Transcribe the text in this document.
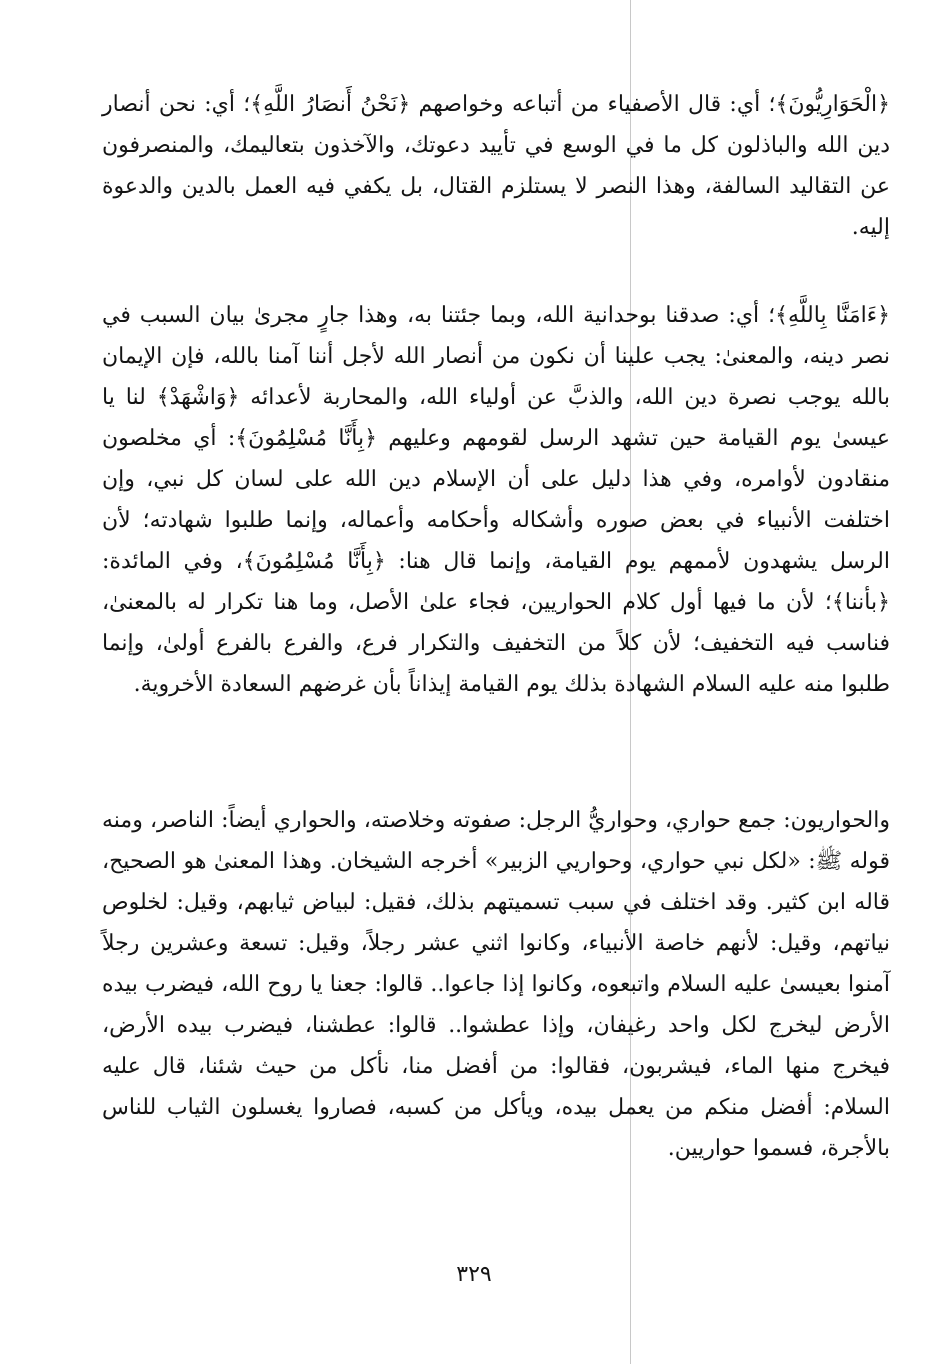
﴿الْحَوَارِيُّونَ﴾؛ أي: قال الأصفياء من أتباعه وخواصهم ﴿نَحْنُ أَنصَارُ اللَّهِ﴾؛ أي: نحن أنصار دين الله والباذلون كل ما في الوسع في تأييد دعوتك، والآخذون بتعاليمك، والمنصرفون عن التقاليد السالفة، وهذا النصر لا يستلزم القتال، بل يكفي فيه العمل بالدين والدعوة إليه.

﴿ءَامَنَّا بِاللَّهِ﴾؛ أي: صدقنا بوحدانية الله، وبما جئتنا به، وهذا جارٍ مجرىٰ بيان السبب في نصر دينه، والمعنىٰ: يجب علينا أن نكون من أنصار الله لأجل أننا آمنا بالله، فإن الإيمان بالله يوجب نصرة دين الله، والذبَّ عن أولياء الله، والمحاربة لأعدائه ﴿وَاشْهَدْ﴾ لنا يا عيسىٰ يوم القيامة حين تشهد الرسل لقومهم وعليهم ﴿بِأَنَّا مُسْلِمُونَ﴾: أي مخلصون منقادون لأوامره، وفي هذا دليل على أن الإسلام دين الله على لسان كل نبي، وإن اختلفت الأنبياء في بعض صوره وأشكاله وأحكامه وأعماله، وإنما طلبوا شهادته؛ لأن الرسل يشهدون لأممهم يوم القيامة، وإنما قال هنا: ﴿بِأَنَّا مُسْلِمُونَ﴾، وفي المائدة: ﴿بأننا﴾؛ لأن ما فيها أول كلام الحواريين، فجاء علىٰ الأصل، وما هنا تكرار له بالمعنىٰ، فناسب فيه التخفيف؛ لأن كلاً من التخفيف والتكرار فرع، والفرع بالفرع أولىٰ، وإنما طلبوا منه عليه السلام الشهادة بذلك يوم القيامة إيذاناً بأن غرضهم السعادة الأخروية.

والحواريون: جمع حواري، وحواريُّ الرجل: صفوته وخلاصته، والحواري أيضاً: الناصر، ومنه قوله ﷺ: «لكل نبي حواري، وحواريي الزبير» أخرجه الشيخان. وهذا المعنىٰ هو الصحيح، قاله ابن كثير. وقد اختلف في سبب تسميتهم بذلك، فقيل: لبياض ثيابهم، وقيل: لخلوص نياتهم، وقيل: لأنهم خاصة الأنبياء، وكانوا اثني عشر رجلاً، وقيل: تسعة وعشرين رجلاً آمنوا بعيسىٰ عليه السلام واتبعوه، وكانوا إذا جاعوا.. قالوا: جعنا يا روح الله، فيضرب بيده الأرض ليخرج لكل واحد رغيفان، وإذا عطشوا.. قالوا: عطشنا، فيضرب بيده الأرض، فيخرج منها الماء، فيشربون، فقالوا: من أفضل منا، نأكل من حيث شئنا، قال عليه السلام: أفضل منكم من يعمل بيده، ويأكل من كسبه، فصاروا يغسلون الثياب للناس بالأجرة، فسموا حواريين.

٣٢٩
